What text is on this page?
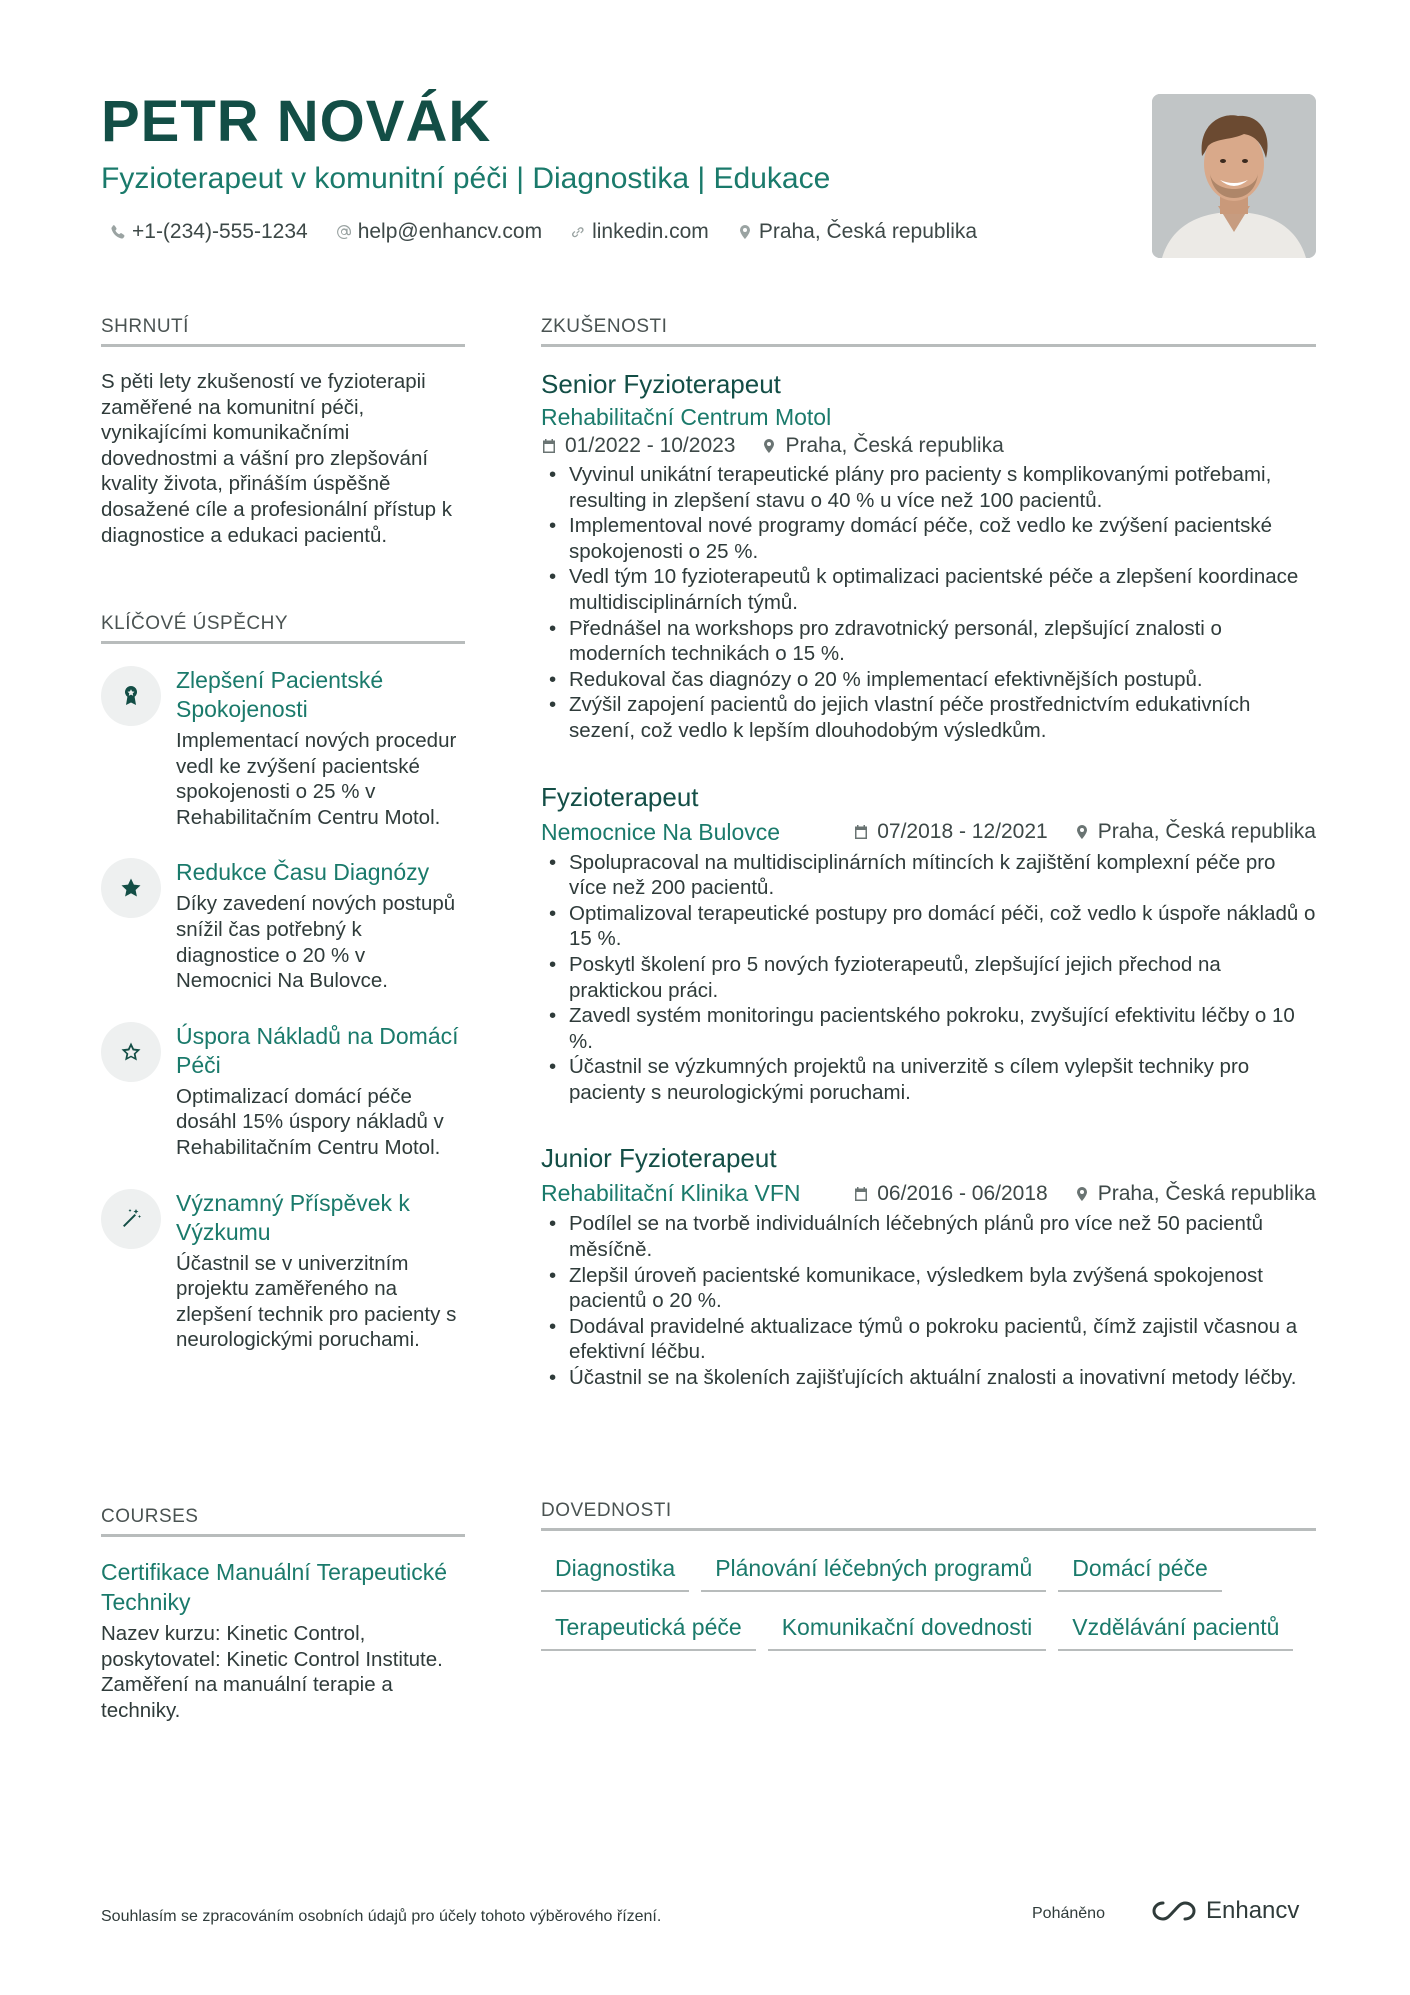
PETR NOVÁK
Fyzioterapeut v komunitní péči | Diagnostika | Edukace
+1-(234)-555-1234 help@enhancv.com linkedin.com Praha, Česká republika
SHRNUTÍ
S pěti lety zkušeností ve fyzioterapii zaměřené na komunitní péči, vynikajícími komunikačními dovednostmi a vášní pro zlepšování kvality života, přináším úspěšně dosažené cíle a profesionální přístup k diagnostice a edukaci pacientů.
KLÍČOVÉ ÚSPĚCHY
Zlepšení Pacientské Spokojenosti
Implementací nových procedur vedl ke zvýšení pacientské spokojenosti o 25 % v Rehabilitačním Centru Motol.
Redukce Času Diagnózy
Díky zavedení nových postupů snížil čas potřebný k diagnostice o 20 % v Nemocnici Na Bulovce.
Úspora Nákladů na Domácí Péči
Optimalizací domácí péče dosáhl 15% úspory nákladů v Rehabilitačním Centru Motol.
Významný Příspěvek k Výzkumu
Účastnil se v univerzitním projektu zaměřeného na zlepšení technik pro pacienty s neurologickými poruchami.
COURSES
Certifikace Manuální Terapeutické Techniky
Nazev kurzu: Kinetic Control, poskytovatel: Kinetic Control Institute. Zaměření na manuální terapie a techniky.
ZKUŠENOSTI
Senior Fyzioterapeut
Rehabilitační Centrum Motol
01/2022 - 10/2023 Praha, Česká republika
• Vyvinul unikátní terapeutické plány pro pacienty s komplikovanými potřebami, resulting in zlepšení stavu o 40 % u více než 100 pacientů.
• Implementoval nové programy domácí péče, což vedlo ke zvýšení pacientské spokojenosti o 25 %.
• Vedl tým 10 fyzioterapeutů k optimalizaci pacientské péče a zlepšení koordinace multidisciplinárních týmů.
• Přednášel na workshops pro zdravotnický personál, zlepšující znalosti o moderních technikách o 15 %.
• Redukoval čas diagnózy o 20 % implementací efektivnějších postupů.
• Zvýšil zapojení pacientů do jejich vlastní péče prostřednictvím edukativních sezení, což vedlo k lepším dlouhodobým výsledkům.
Fyzioterapeut
Nemocnice Na Bulovce	07/2018 - 12/2021 Praha, Česká republika
• Spolupracoval na multidisciplinárních mítincích k zajištění komplexní péče pro více než 200 pacientů.
• Optimalizoval terapeutické postupy pro domácí péči, což vedlo k úspoře nákladů o 15 %.
• Poskytl školení pro 5 nových fyzioterapeutů, zlepšující jejich přechod na praktickou práci.
• Zavedl systém monitoringu pacientského pokroku, zvyšující efektivitu léčby o 10 %.
• Účastnil se výzkumných projektů na univerzitě s cílem vylepšit techniky pro pacienty s neurologickými poruchami.
Junior Fyzioterapeut
Rehabilitační Klinika VFN	06/2016 - 06/2018 Praha, Česká republika
• Podílel se na tvorbě individuálních léčebných plánů pro více než 50 pacientů měsíčně.
• Zlepšil úroveň pacientské komunikace, výsledkem byla zvýšená spokojenost pacientů o 20 %.
• Dodával pravidelné aktualizace týmů o pokroku pacientů, čímž zajistil včasnou a efektivní léčbu.
• Účastnil se na školeních zajišťujících aktuální znalosti a inovativní metody léčby.
DOVEDNOSTI
Diagnostika	Plánování léčebných programů	Domácí péče
Terapeutická péče	Komunikační dovednosti	Vzdělávání pacientů
Souhlasím se zpracováním osobních údajů pro účely tohoto výběrového řízení.	Poháněno	Enhancv
